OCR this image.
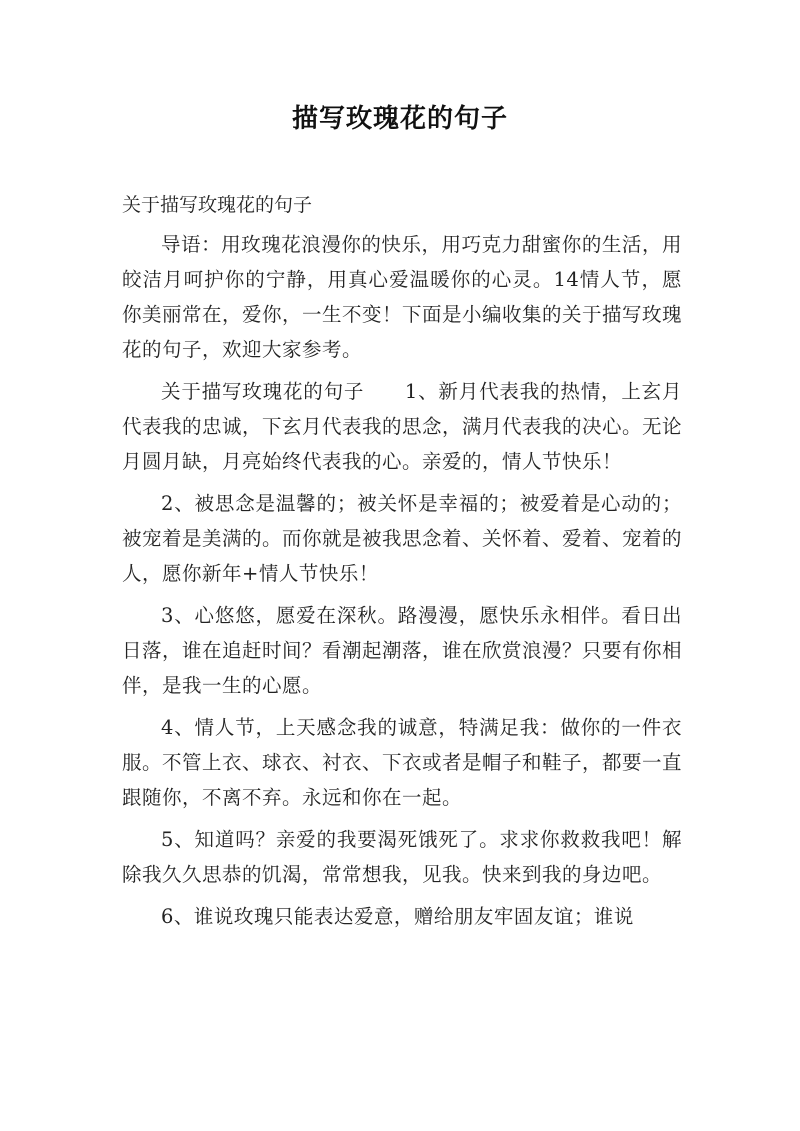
描写玫瑰花的句子
关于描写玫瑰花的句子

导语：用玫瑰花浪漫你的快乐，用巧克力甜蜜你的生活，用皎洁月呵护你的宁静，用真心爱温暖你的心灵。14情人节，愿你美丽常在，爱你，一生不变！下面是小编收集的关于描写玫瑰花的句子，欢迎大家参考。

关于描写玫瑰花的句子　　1、新月代表我的热情，上玄月代表我的忠诚，下玄月代表我的思念，满月代表我的决心。无论月圆月缺，月亮始终代表我的心。亲爱的，情人节快乐！

2、被思念是温馨的；被关怀是幸福的；被爱着是心动的；被宠着是美满的。而你就是被我思念着、关怀着、爱着、宠着的人，愿你新年+情人节快乐！

3、心悠悠，愿爱在深秋。路漫漫，愿快乐永相伴。看日出日落，谁在追赶时间？看潮起潮落，谁在欣赏浪漫？只要有你相伴，是我一生的心愿。

4、情人节，上天感念我的诚意，特满足我：做你的一件衣服。不管上衣、球衣、衬衣、下衣或者是帽子和鞋子，都要一直跟随你，不离不弃。永远和你在一起。

5、知道吗？亲爱的我要渴死饿死了。求求你救救我吧！解除我久久思恭的饥渴，常常想我，见我。快来到我的身边吧。

6、谁说玫瑰只能表达爱意，赠给朋友牢固友谊；谁说
